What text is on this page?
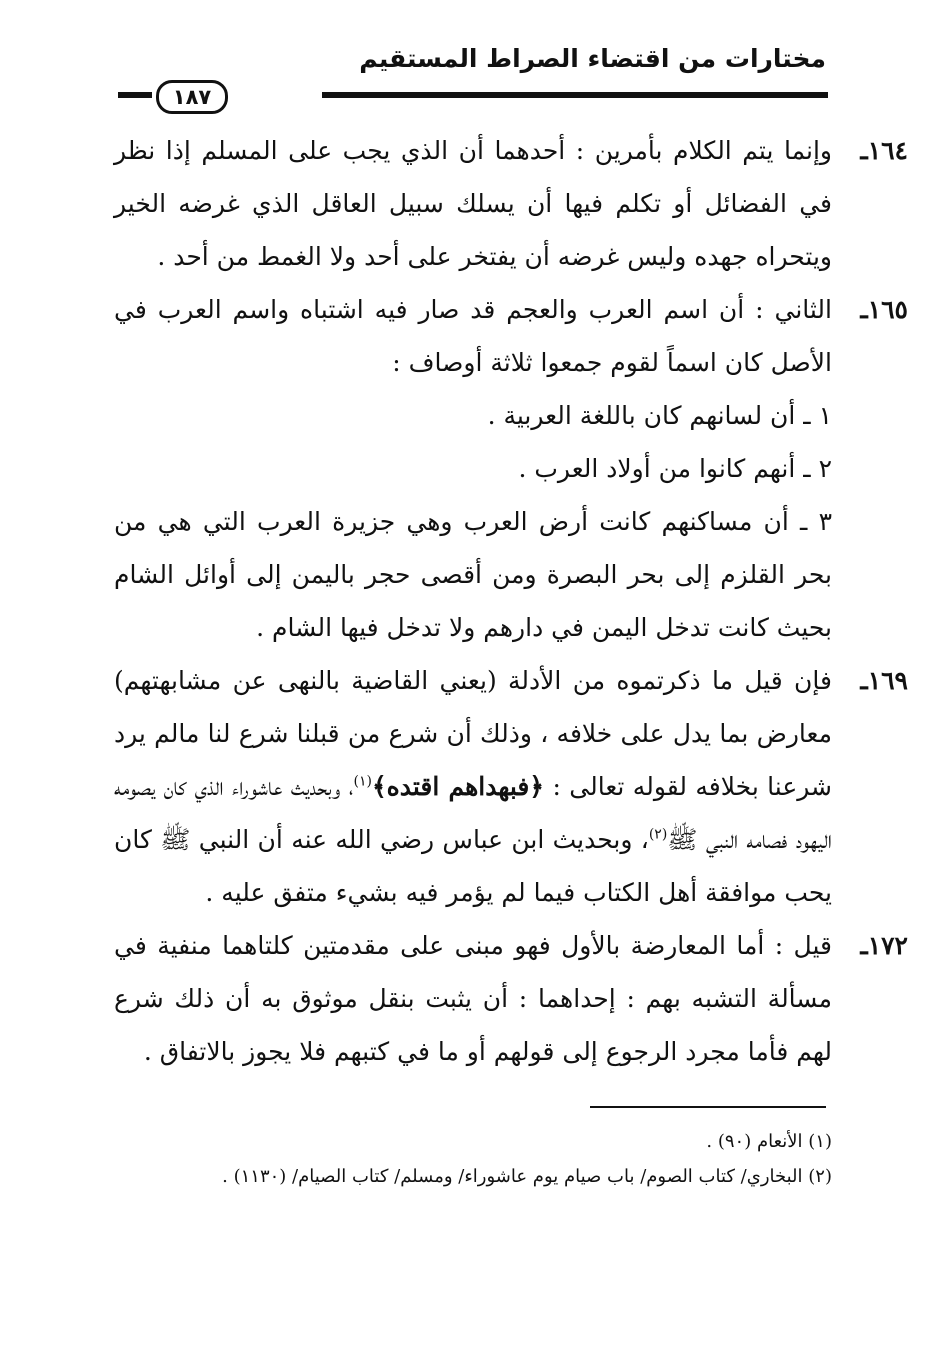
مختارات من اقتضاء الصراط المستقيم
١٨٧
١٦٤ـ
وإنما يتم الكلام بأمرين : أحدهما أن الذي يجب على المسلم إذا نظر في الفضائل أو تكلم فيها أن يسلك سبيل العاقل الذي غرضه الخير ويتحراه جهده وليس غرضه أن يفتخر على أحد ولا الغمط من أحد .
١٦٥ـ
الثاني : أن اسم العرب والعجم قد صار فيه اشتباه واسم العرب في الأصل كان اسماً لقوم جمعوا ثلاثة أوصاف :
١ ـ أن لسانهم كان باللغة العربية .
٢ ـ أنهم كانوا من أولاد العرب .
٣ ـ أن مساكنهم كانت أرض العرب وهي جزيرة العرب التي هي من بحر القلزم إلى بحر البصرة ومن أقصى حجر باليمن إلى أوائل الشام بحيث كانت تدخل اليمن في دارهم ولا تدخل فيها الشام .
١٦٩ـ
فإن قيل ما ذكرتموه من الأدلة (يعني القاضية بالنهى عن مشابهتهم) معارض بما يدل على خلافه ، وذلك أن شرع من قبلنا شرع لنا مالم يرد شرعنا بخلافه لقوله تعالى : ﴿فبهداهم اقتده﴾$^{(١)}$، وبحديث عاشوراء الذي كان يصومه اليهود فصامه النبي ﷺ$^{(٢)}$، وبحديث ابن عباس رضي الله عنه أن النبي ﷺ كان يحب موافقة أهل الكتاب فيما لم يؤمر فيه بشيء متفق عليه .
١٧٢ـ
قيل : أما المعارضة بالأول فهو مبنى على مقدمتين كلتاهما منفية في مسألة التشبه بهم : إحداهما : أن يثبت بنقل موثوق به أن ذلك شرع لهم فأما مجرد الرجوع إلى قولهم أو ما في كتبهم فلا يجوز بالاتفاق .
(١) الأنعام (٩٠) .
(٢) البخاري/ كتاب الصوم/ باب صيام يوم عاشوراء/ ومسلم/ كتاب الصيام/ (١١٣٠) .
